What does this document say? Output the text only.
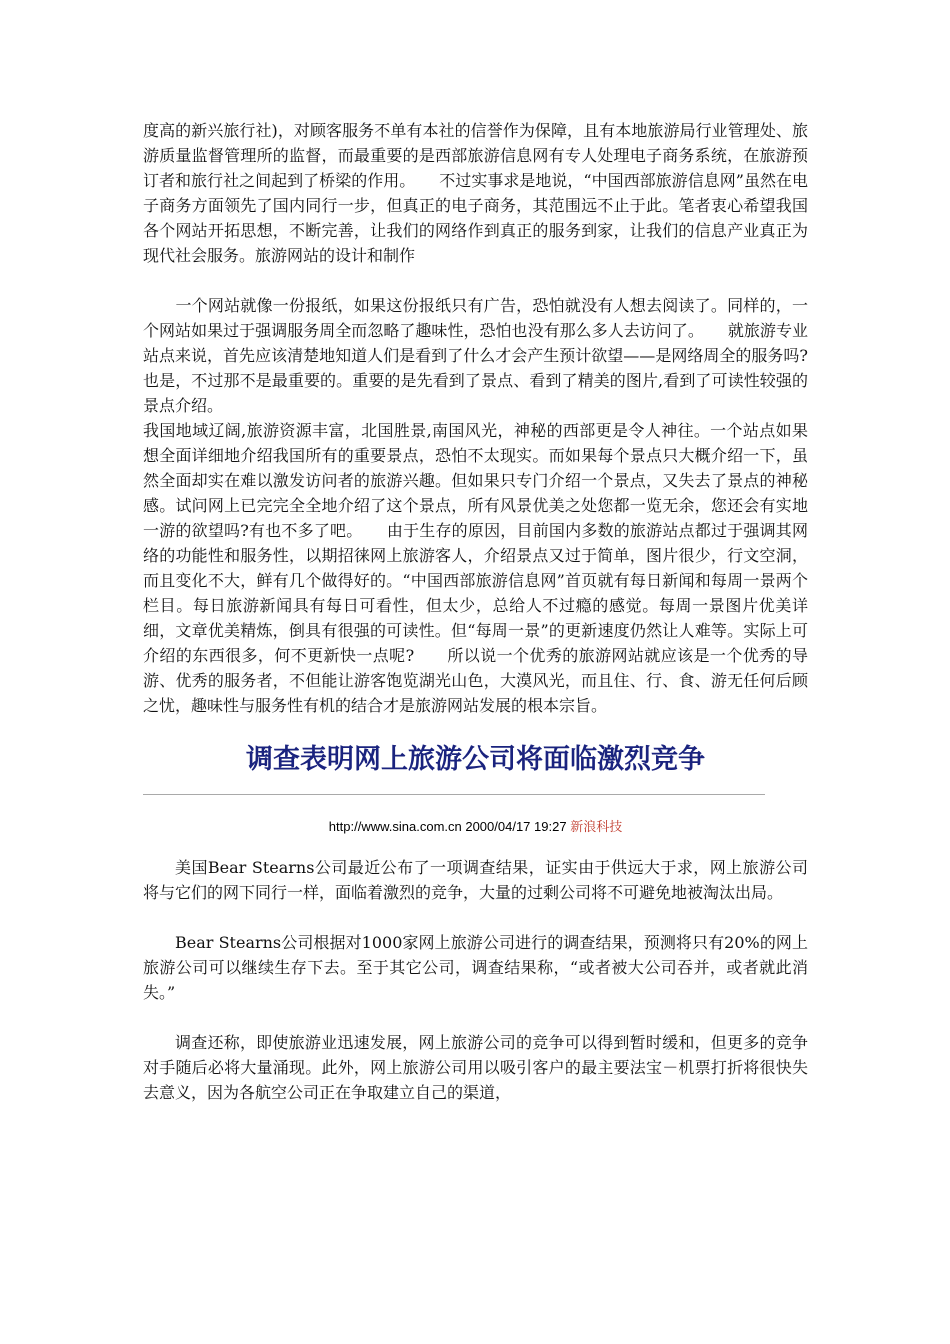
度高的新兴旅行社)，对顾客服务不单有本社的信誉作为保障，且有本地旅游局行业管理处、旅游质量监督管理所的监督，而最重要的是西部旅游信息网有专人处理电子商务系统，在旅游预订者和旅行社之间起到了桥梁的作用。　　不过实事求是地说，“中国西部旅游信息网”虽然在电子商务方面领先了国内同行一步，但真正的电子商务，其范围远不止于此。笔者衷心希望我国各个网站开拓思想，不断完善，让我们的网络作到真正的服务到家，让我们的信息产业真正为现代社会服务。旅游网站的设计和制作

　　一个网站就像一份报纸，如果这份报纸只有广告，恐怕就没有人想去阅读了。同样的，一个网站如果过于强调服务周全而忽略了趣味性，恐怕也没有那么多人去访问了。　　就旅游专业站点来说，首先应该清楚地知道人们是看到了什么才会产生预计欲望——是网络周全的服务吗?也是，不过那不是最重要的。重要的是先看到了景点、看到了精美的图片,看到了可读性较强的景点介绍。

我国地域辽阔,旅游资源丰富，北国胜景,南国风光，神秘的西部更是令人神往。一个站点如果想全面详细地介绍我国所有的重要景点，恐怕不太现实。而如果每个景点只大概介绍一下，虽然全面却实在难以激发访问者的旅游兴趣。但如果只专门介绍一个景点，又失去了景点的神秘感。试问网上已完完全全地介绍了这个景点，所有风景优美之处您都一览无余，您还会有实地一游的欲望吗?有也不多了吧。　　由于生存的原因，目前国内多数的旅游站点都过于强调其网络的功能性和服务性，以期招徕网上旅游客人，介绍景点又过于简单，图片很少，行文空洞，而且变化不大，鲜有几个做得好的。“中国西部旅游信息网”首页就有每日新闻和每周一景两个栏目。每日旅游新闻具有每日可看性，但太少，总给人不过瘾的感觉。每周一景图片优美详细，文章优美精炼，倒具有很强的可读性。但“每周一景”的更新速度仍然让人难等。实际上可介绍的东西很多，何不更新快一点呢?　　所以说一个优秀的旅游网站就应该是一个优秀的导游、优秀的服务者，不但能让游客饱览湖光山色，大漠风光，而且住、行、食、游无任何后顾之忧，趣味性与服务性有机的结合才是旅游网站发展的根本宗旨。

调查表明网上旅游公司将面临激烈竞争
http://www.sina.com.cn 2000/04/17 19:27 新浪科技

美国Bear Stearns公司最近公布了一项调查结果，证实由于供远大于求，网上旅游公司将与它们的网下同行一样，面临着激烈的竞争，大量的过剩公司将不可避免地被淘汰出局。

Bear Stearns公司根据对1000家网上旅游公司进行的调查结果，预测将只有20%的网上旅游公司可以继续生存下去。至于其它公司，调查结果称，“或者被大公司吞并，或者就此消失。”

调查还称，即使旅游业迅速发展，网上旅游公司的竞争可以得到暂时缓和，但更多的竞争对手随后必将大量涌现。此外，网上旅游公司用以吸引客户的最主要法宝－机票打折将很快失去意义，因为各航空公司正在争取建立自己的渠道，
